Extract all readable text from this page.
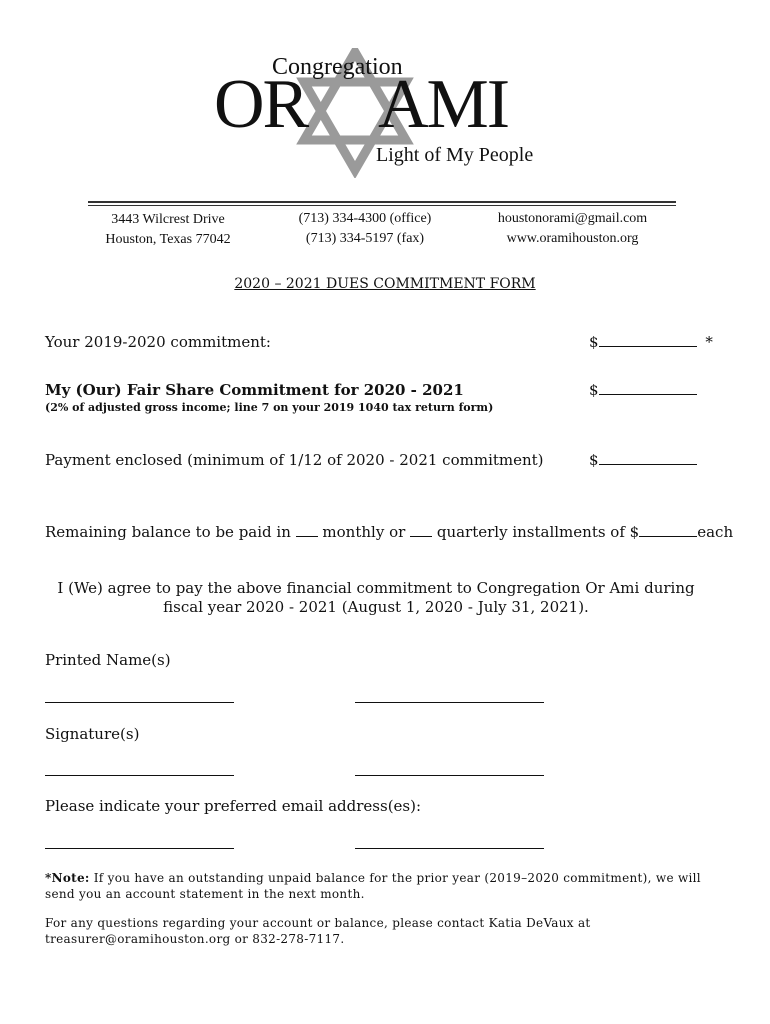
Congregation
OR AMI
Light of My People
3443 Wilcrest Drive
Houston, Texas 77042
(713) 334-4300 (office)
(713) 334-5197 (fax)
houstonorami@gmail.com
www.oramihouston.org
2020 – 2021 DUES COMMITMENT FORM
Your 2019-2020 commitment:	$	*
My (Our) Fair Share Commitment for 2020 - 2021
(2% of adjusted gross income; line 7 on your 2019 1040 tax return form)
$
Payment enclosed (minimum of 1/12 of 2020 - 2021 commitment)	$
Remaining balance to be paid in monthly or quarterly installments of $	each
I (We) agree to pay the above financial commitment to Congregation Or Ami during fiscal year 2020 - 2021 (August 1, 2020 - July 31, 2021).
Printed Name(s)
Signature(s)
Please indicate your preferred email address(es):
*Note: If you have an outstanding unpaid balance for the prior year (2019–2020 commitment), we will send you an account statement in the next month.
For any questions regarding your account or balance, please contact Katia DeVaux at treasurer@oramihouston.org or 832-278-7117.
